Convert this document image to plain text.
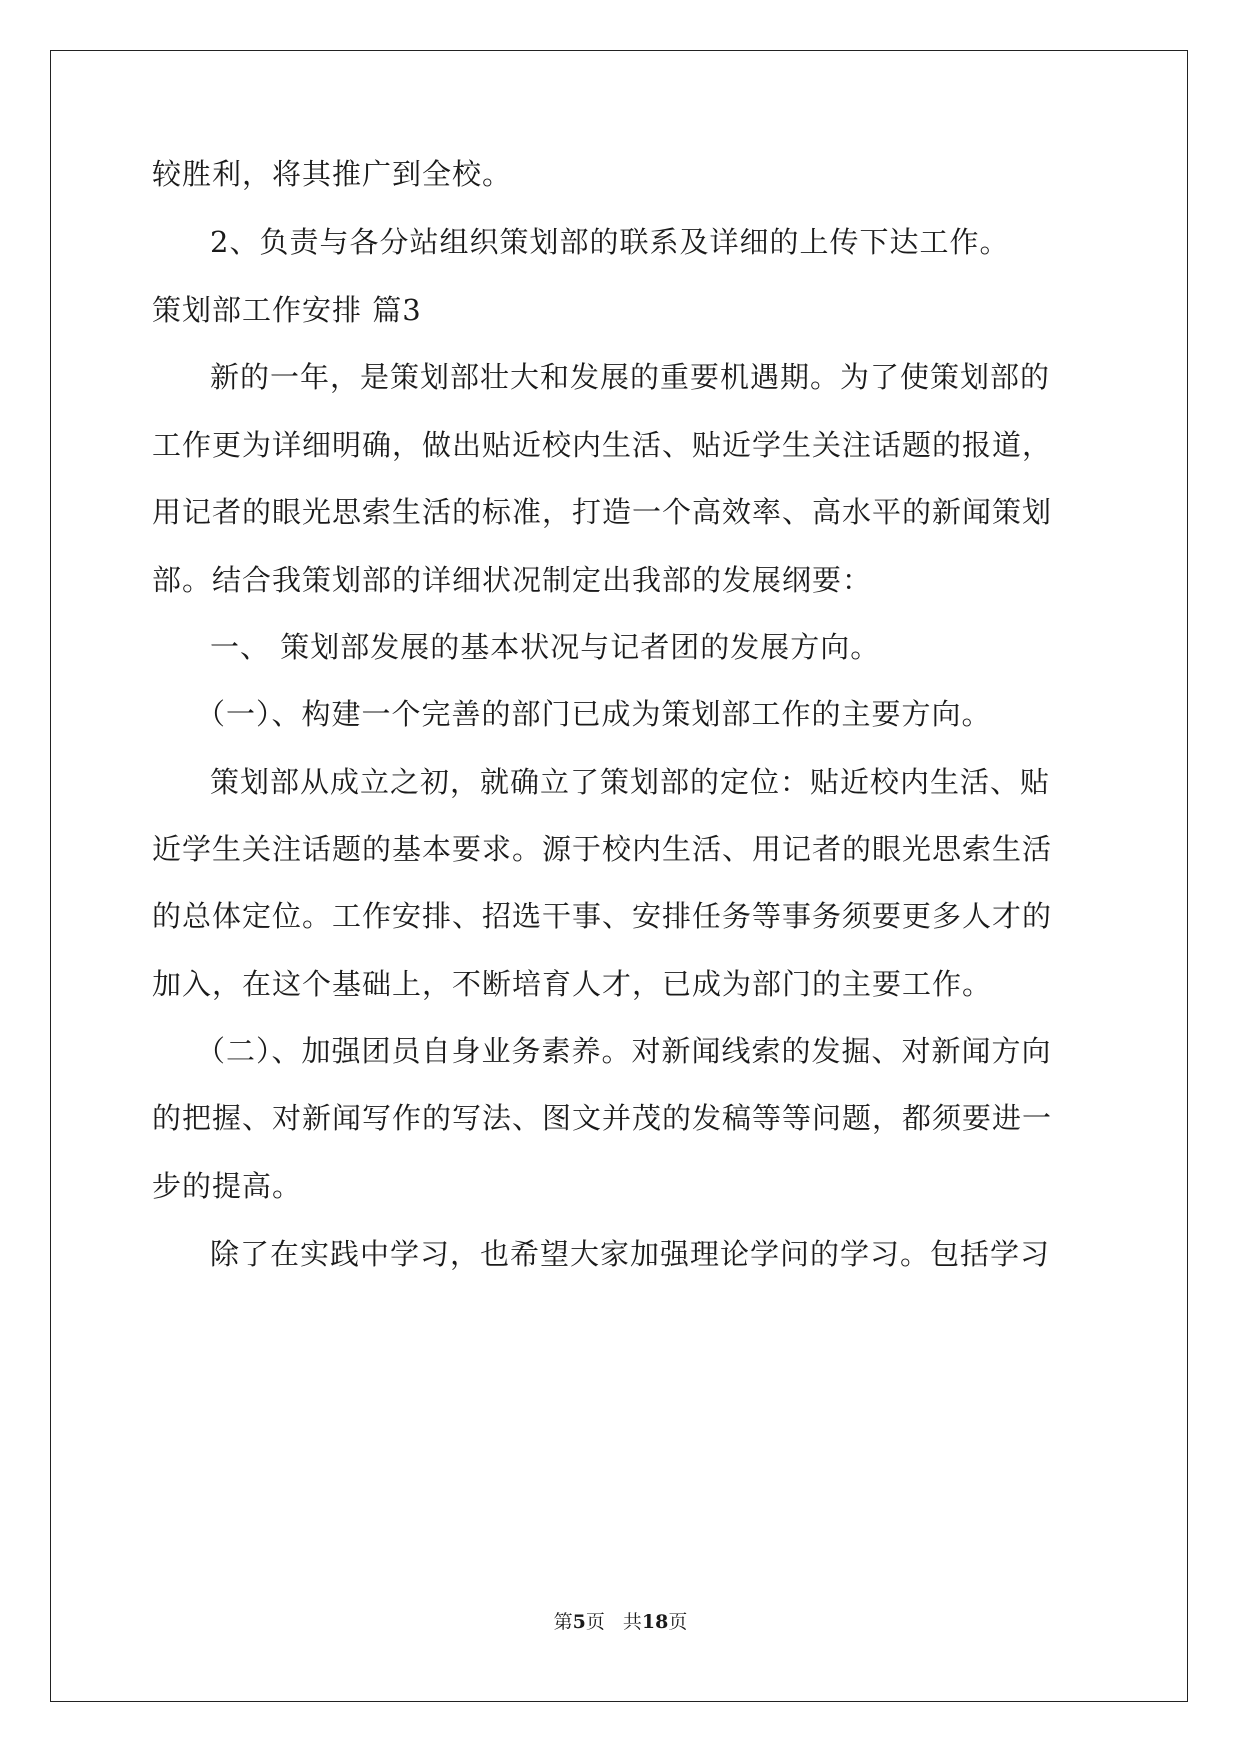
较胜利，将其推广到全校。
2、负责与各分站组织策划部的联系及详细的上传下达工作。
策划部工作安排 篇3
新的一年，是策划部壮大和发展的重要机遇期。为了使策划部的
工作更为详细明确，做出贴近校内生活、贴近学生关注话题的报道，
用记者的眼光思索生活的标准，打造一个高效率、高水平的新闻策划
部。结合我策划部的详细状况制定出我部的发展纲要：
一、 策划部发展的基本状况与记者团的发展方向。
（一）、构建一个完善的部门已成为策划部工作的主要方向。
策划部从成立之初，就确立了策划部的定位：贴近校内生活、贴
近学生关注话题的基本要求。源于校内生活、用记者的眼光思索生活
的总体定位。工作安排、招选干事、安排任务等事务须要更多人才的
加入，在这个基础上，不断培育人才，已成为部门的主要工作。
（二）、加强团员自身业务素养。对新闻线索的发掘、对新闻方向
的把握、对新闻写作的写法、图文并茂的发稿等等问题，都须要进一
步的提高。
除了在实践中学习，也希望大家加强理论学问的学习。包括学习
第5页 共18页
